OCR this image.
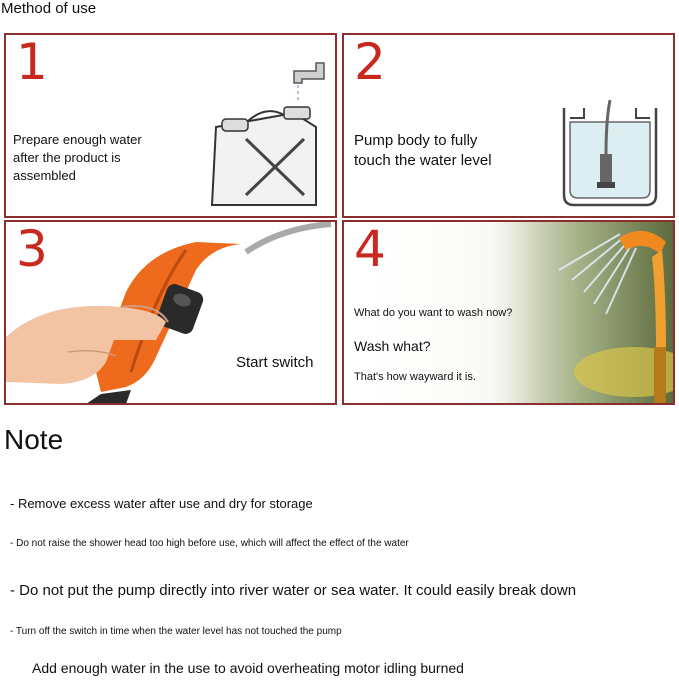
Method of use
1
Prepare enough water
after the product is
assembled
2
Pump body to fully
touch the water level
3
Start switch
4
What do you want to wash now?
Wash what?
That's how wayward it is.
Note
- Remove excess water after use and dry for storage
- Do not raise the shower head too high before use, which will affect the effect of the water
- Do not put the pump directly into river water or sea water. It could easily break down
- Turn off the switch in time when the water level has not touched the pump
Add enough water in the use to avoid overheating motor idling burned
